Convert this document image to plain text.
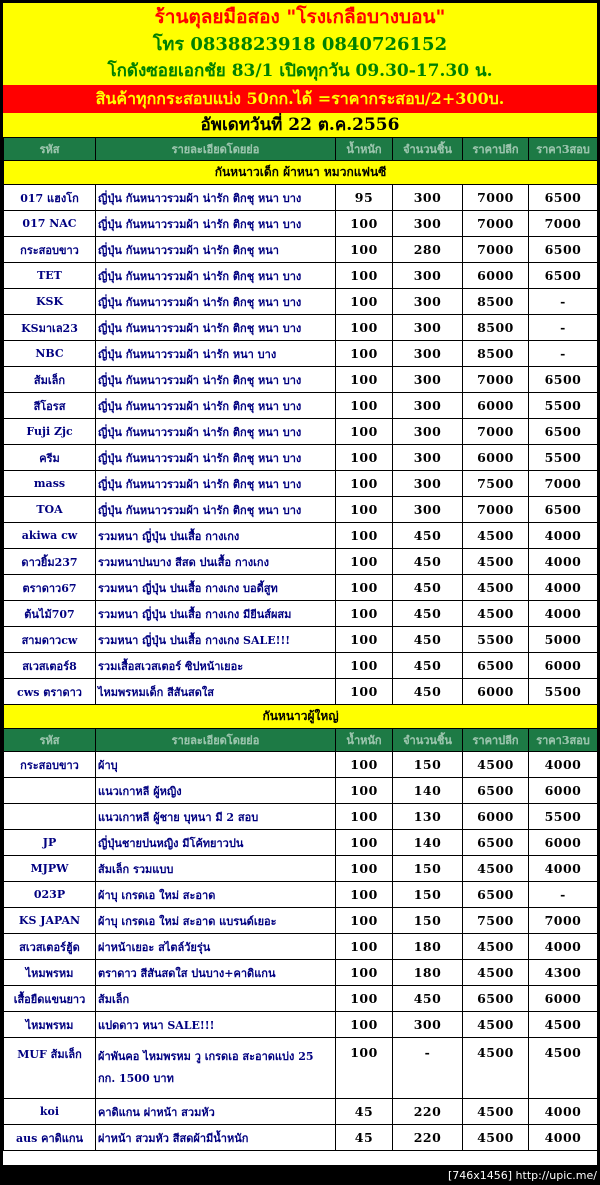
ร้านตุลยมือสอง "โรงเกลือบางบอน"
โทร 0838823918 0840726152
โกดังซอยเอกชัย 83/1 เปิดทุกวัน 09.30-17.30 น.
สินค้าทุกกระสอบแบ่ง 50กก.ได้ =ราคากระสอบ/2+300บ.
อัพเดทวันที่ 22 ต.ค.2556
รหัส	รายละเอียดโดยย่อ	น้ำหนัก	จำนวนชิ้น	ราคาปลีก	ราคา3สอบ
กันหนาวเด็ก ผ้าหนา หมวกแฟนซี					
017 แฮงโก	ญี่ปุ่น กันหนาวรวมผ้า น่ารัก ติกชุ หนา บาง	95	300	7000	6500
017 NAC	ญี่ปุ่น กันหนาวรวมผ้า น่ารัก ติกชุ หนา บาง	100	300	7000	7000
กระสอบขาว	ญี่ปุ่น กันหนาวรวมผ้า น่ารัก ติกชุ หนา	100	280	7000	6500
TET	ญี่ปุ่น กันหนาวรวมผ้า น่ารัก ติกชุ หนา บาง	100	300	6000	6500
KSK	ญี่ปุ่น กันหนาวรวมผ้า น่ารัก ติกชุ หนา บาง	100	300	8500	-
KSมาเล23	ญี่ปุ่น กันหนาวรวมผ้า น่ารัก ติกชุ หนา บาง	100	300	8500	-
NBC	ญี่ปุ่น กันหนาวรวมผ้า น่ารัก หนา บาง	100	300	8500	-
ส้มเล็ก	ญี่ปุ่น กันหนาวรวมผ้า น่ารัก ติกชุ หนา บาง	100	300	7000	6500
สีโอรส	ญี่ปุ่น กันหนาวรวมผ้า น่ารัก ติกชุ หนา บาง	100	300	6000	5500
Fuji Zjc	ญี่ปุ่น กันหนาวรวมผ้า น่ารัก ติกชุ หนา บาง	100	300	7000	6500
ครีม	ญี่ปุ่น กันหนาวรวมผ้า น่ารัก ติกชุ หนา บาง	100	300	6000	5500
mass	ญี่ปุ่น กันหนาวรวมผ้า น่ารัก ติกชุ หนา บาง	100	300	7500	7000
TOA	ญี่ปุ่น กันหนาวรวมผ้า น่ารัก ติกชุ หนา บาง	100	300	7000	6500
akiwa cw	รวมหนา ญี่ปุ่น ปนเสื้อ กางเกง	100	450	4500	4000
ดาวยิ้ม237	รวมหนาปนบาง สีสด ปนเสื้อ กางเกง	100	450	4500	4000
ตราดาว67	รวมหนา ญี่ปุ่น ปนเสื้อ กางเกง บอดี้สูท	100	450	4500	4000
ต้นไม้707	รวมหนา ญี่ปุ่น ปนเสื้อ กางเกง มียีนส์ผสม	100	450	4500	4000
สามดาวcw	รวมหนา ญี่ปุ่น ปนเสื้อ กางเกง SALE!!!	100	450	5500	5000
สเวสเตอร์8	รวมเสื้อสเวสเตอร์ ซิปหน้าเยอะ	100	450	6500	6000
cws ตราดาว	ไหมพรหมเด็ก สีสันสดใส	100	450	6000	5500
กันหนาวผู้ใหญ่					
รหัส	รายละเอียดโดยย่อ	น้ำหนัก	จำนวนชิ้น	ราคาปลีก	ราคา3สอบ
กระสอบขาว	ผ้าบุ	100	150	4500	4000
	แนวเกาหลี ผู้หญิง	100	140	6500	6000
	แนวเกาหลี ผู้ชาย บุหนา มี 2 สอบ	100	130	6000	5500
JP	ญี่ปุ่นชายปนหญิง มีโค้ทยาวปน	100	140	6500	6000
MJPW	ส้มเล็ก รวมแบบ	100	150	4500	4000
023P	ผ้าบุ เกรดเอ ใหม่ สะอาด	100	150	6500	-
KS JAPAN	ผ้าบุ เกรดเอ ใหม่ สะอาด แบรนด์เยอะ	100	150	7500	7000
สเวสเตอร์ฮู้ด	ผ่าหน้าเยอะ สไตล์วัยรุ่น	100	180	4500	4000
ไหมพรหม	ตราดาว สีสันสดใส ปนบาง+คาดิแกน	100	180	4500	4300
เสื้อยืดแขนยาว	ส้มเล็ก	100	450	6500	6000
ไหมพรหม	แปดดาว หนา SALE!!!	100	300	4500	4500
MUF ส้มเล็ก	ผ้าพันคอ ไหมพรหม วู เกรดเอ สะอาดแบ่ง 25 กก. 1500 บาท	100	-	4500	4500
koi	คาดิแกน ผ่าหน้า สวมหัว	45	220	4500	4000
aus คาดิแกน	ผ่าหน้า สวมหัว สีสดผ้ามีน้ำหนัก	45	220	4500	4000
[746x1456] http://upic.me/
